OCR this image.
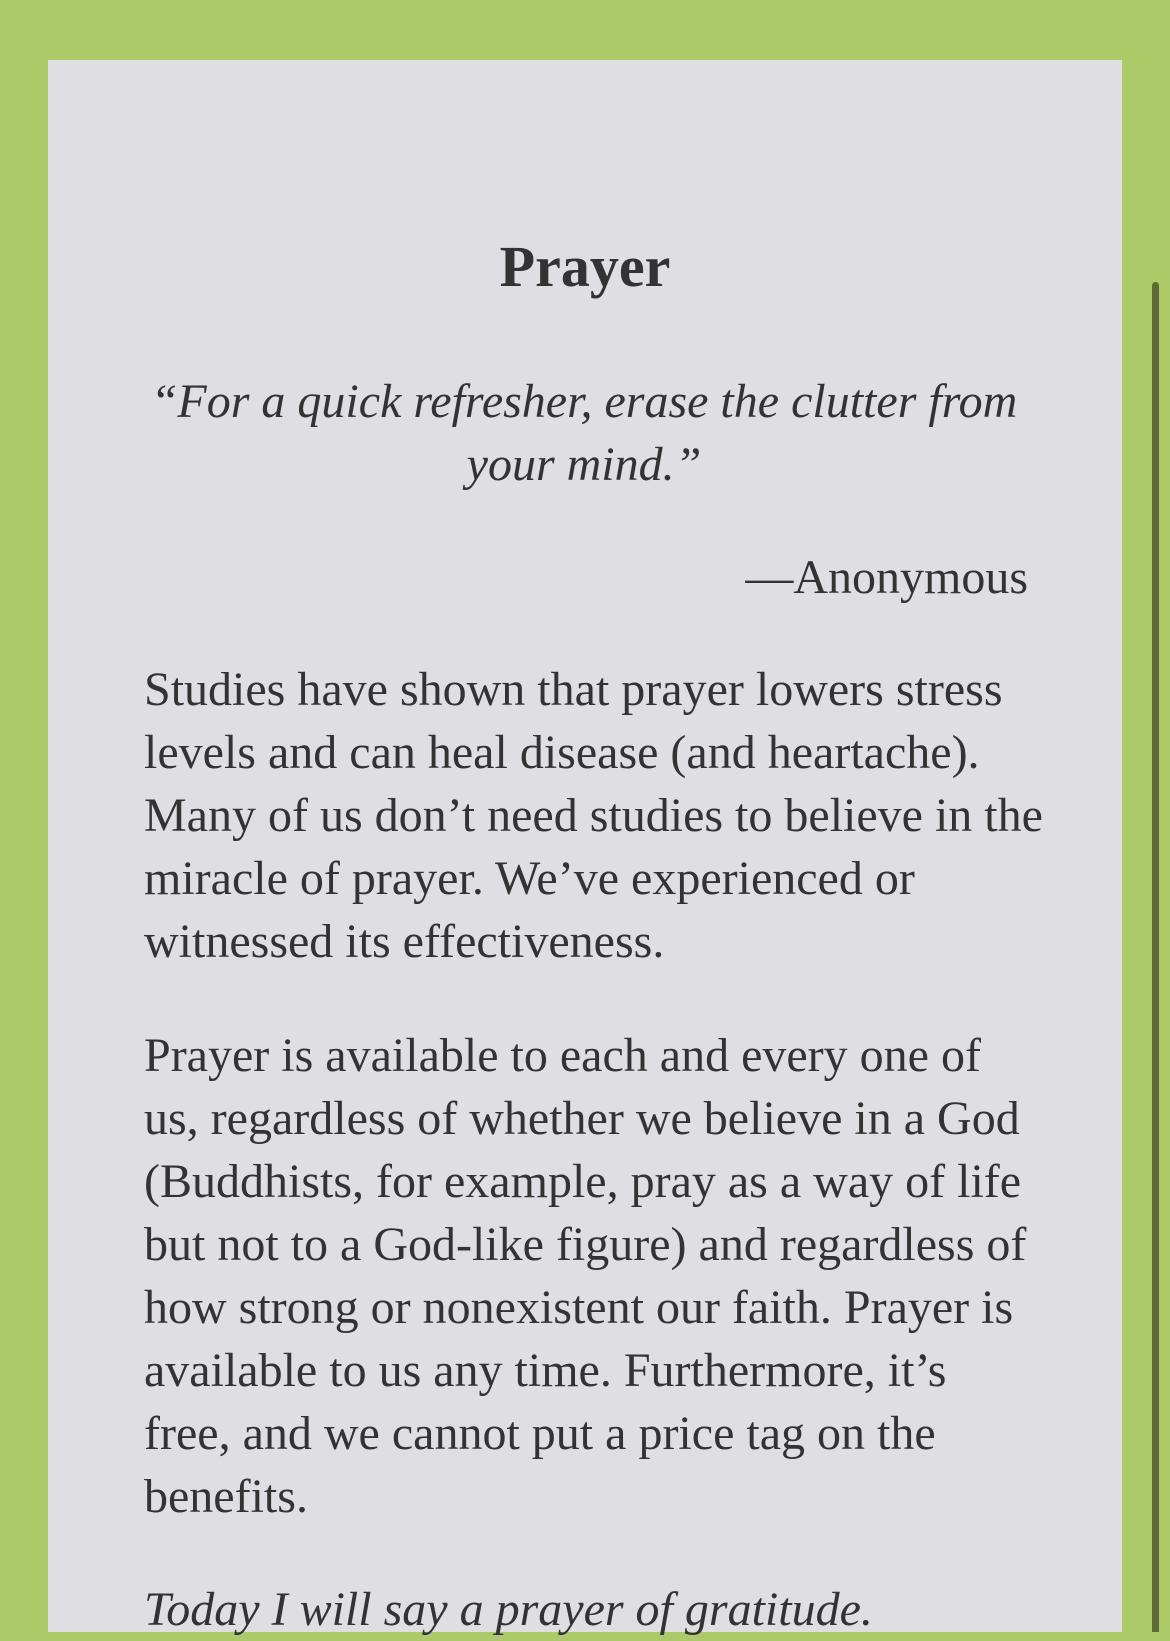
Prayer

“For a quick refresher, erase the clutter from your mind.”

—Anonymous

Studies have shown that prayer lowers stress levels and can heal disease (and heartache). Many of us don’t need studies to believe in the miracle of prayer. We’ve experienced or witnessed its effectiveness.

Prayer is available to each and every one of us, regardless of whether we believe in a God (Buddhists, for example, pray as a way of life but not to a God-like figure) and regardless of how strong or nonexistent our faith. Prayer is available to us any time. Furthermore, it’s free, and we cannot put a price tag on the benefits.

Today I will say a prayer of gratitude.
